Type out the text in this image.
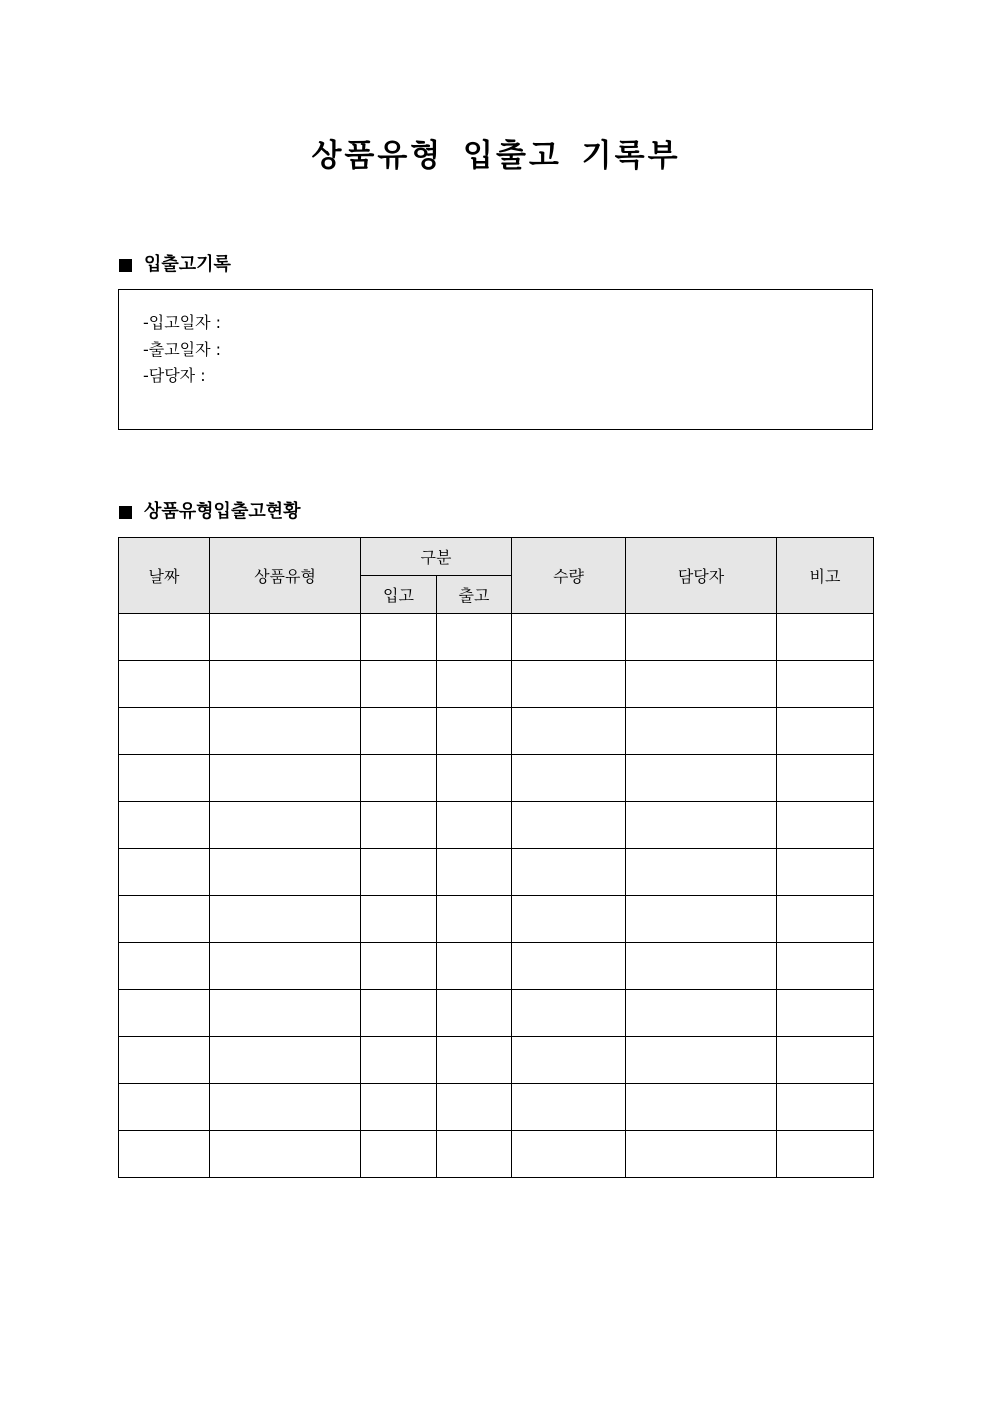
상품유형 입출고 기록부
입출고기록
-입고일자 :
-출고일자 :
-담당자 :
상품유형입출고현황
날짜	상품유형	구분		수량	담당자	비고
		입고	출고			
